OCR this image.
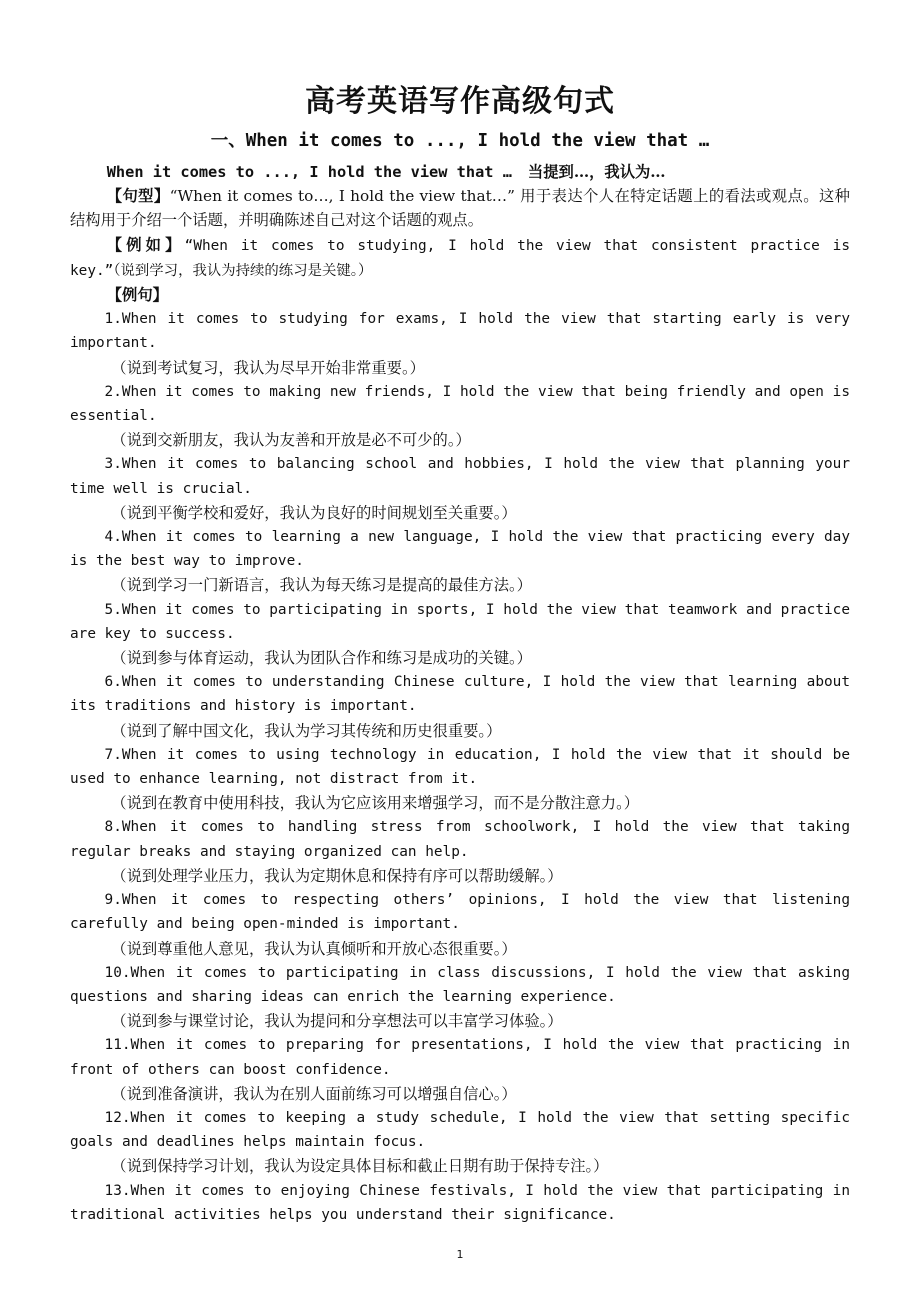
高考英语写作高级句式
一、When it comes to ..., I hold the view that …
When it comes to ..., I hold the view that … 当提到…，我认为…
【句型】“When it comes to…, I hold the view that…” 用于表达个人在特定话题上的看法或观点。这种结构用于介绍一个话题，并明确陈述自己对这个话题的观点。
【例如】“When it comes to studying, I hold the view that consistent practice is key.”（说到学习，我认为持续的练习是关键。）
【例句】
1.When it comes to studying for exams, I hold the view that starting early is very important.
（说到考试复习，我认为尽早开始非常重要。）
2.When it comes to making new friends, I hold the view that being friendly and open is essential.
（说到交新朋友，我认为友善和开放是必不可少的。）
3.When it comes to balancing school and hobbies, I hold the view that planning your time well is crucial.
（说到平衡学校和爱好，我认为良好的时间规划至关重要。）
4.When it comes to learning a new language, I hold the view that practicing every day is the best way to improve.
（说到学习一门新语言，我认为每天练习是提高的最佳方法。）
5.When it comes to participating in sports, I hold the view that teamwork and practice are key to success.
（说到参与体育运动，我认为团队合作和练习是成功的关键。）
6.When it comes to understanding Chinese culture, I hold the view that learning about its traditions and history is important.
（说到了解中国文化，我认为学习其传统和历史很重要。）
7.When it comes to using technology in education, I hold the view that it should be used to enhance learning, not distract from it.
（说到在教育中使用科技，我认为它应该用来增强学习，而不是分散注意力。）
8.When it comes to handling stress from schoolwork, I hold the view that taking regular breaks and staying organized can help.
（说到处理学业压力，我认为定期休息和保持有序可以帮助缓解。）
9.When it comes to respecting others’ opinions, I hold the view that listening carefully and being open-minded is important.
（说到尊重他人意见，我认为认真倾听和开放心态很重要。）
10.When it comes to participating in class discussions, I hold the view that asking questions and sharing ideas can enrich the learning experience.
（说到参与课堂讨论，我认为提问和分享想法可以丰富学习体验。）
11.When it comes to preparing for presentations, I hold the view that practicing in front of others can boost confidence.
（说到准备演讲，我认为在别人面前练习可以增强自信心。）
12.When it comes to keeping a study schedule, I hold the view that setting specific goals and deadlines helps maintain focus.
（说到保持学习计划，我认为设定具体目标和截止日期有助于保持专注。）
13.When it comes to enjoying Chinese festivals, I hold the view that participating in traditional activities helps you understand their significance.
1
